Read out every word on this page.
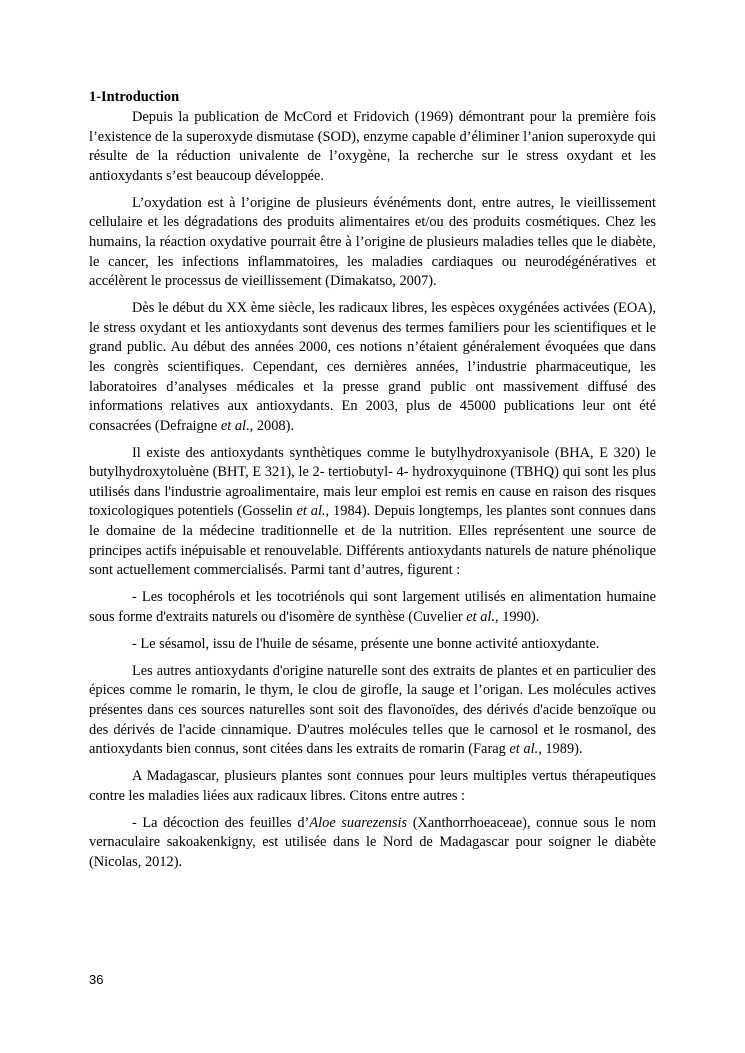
1-Introduction

Depuis la publication de McCord et Fridovich (1969) démontrant pour la première fois l’existence de la superoxyde dismutase (SOD), enzyme capable d’éliminer l’anion superoxyde qui résulte de la réduction univalente de l’oxygène, la recherche sur le stress oxydant et les antioxydants s’est beaucoup développée.

L’oxydation est à l’origine de plusieurs événéments dont, entre autres, le vieillissement cellulaire et les dégradations des produits alimentaires et/ou des produits cosmétiques. Chez les humains, la réaction oxydative pourrait être à l’origine de plusieurs maladies telles que le diabète, le cancer, les infections inflammatoires, les maladies cardiaques ou neurodégénératives et accélèrent le processus de vieillissement (Dimakatso, 2007).

Dès le début du XX ème siècle, les radicaux libres, les espèces oxygénées activées (EOA), le stress oxydant et les antioxydants sont devenus des termes familiers pour les scientifiques et le grand public. Au début des années 2000, ces notions n’étaient généralement évoquées que dans les congrès scientifiques. Cependant, ces dernières années, l’industrie pharmaceutique, les laboratoires d’analyses médicales et la presse grand public ont massivement diffusé des informations relatives aux antioxydants. En 2003, plus de 45000 publications leur ont été consacrées (Defraigne et al., 2008).

Il existe des antioxydants synthètiques comme le butylhydroxyanisole (BHA, E 320) le butylhydroxytoluène (BHT, E 321), le 2- tertiobutyl- 4- hydroxyquinone (TBHQ) qui sont les plus utilisés dans l'industrie agroalimentaire, mais leur emploi est remis en cause en raison des risques toxicologiques potentiels (Gosselin et al., 1984). Depuis longtemps, les plantes sont connues dans le domaine de la médecine traditionnelle et de la nutrition. Elles représentent une source de principes actifs inépuisable et renouvelable. Différents antioxydants naturels de nature phénolique sont actuellement commercialisés. Parmi tant d’autres, figurent :

- Les tocophérols et les tocotriénols qui sont largement utilisés en alimentation humaine sous forme d'extraits naturels ou d'isomère de synthèse (Cuvelier et al., 1990).

- Le sésamol, issu de l'huile de sésame, présente une bonne activité antioxydante.

Les autres antioxydants d'origine naturelle sont des extraits de plantes et en particulier des épices comme le romarin, le thym, le clou de girofle, la sauge et l’origan. Les molécules actives présentes dans ces sources naturelles sont soit des flavonoïdes, des dérivés d'acide benzoïque ou des dérivés de l'acide cinnamique. D'autres molécules telles que le carnosol et le rosmanol, des antioxydants bien connus, sont citées dans les extraits de romarin (Farag et al., 1989).

A Madagascar, plusieurs plantes sont connues pour leurs multiples vertus thérapeutiques contre les maladies liées aux radicaux libres. Citons entre autres :

- La décoction des feuilles d’Aloe suarezensis (Xanthorrhoeaceae), connue sous le nom vernaculaire sakoakenkigny, est utilisée dans le Nord de Madagascar pour soigner le diabète (Nicolas, 2012).

36
